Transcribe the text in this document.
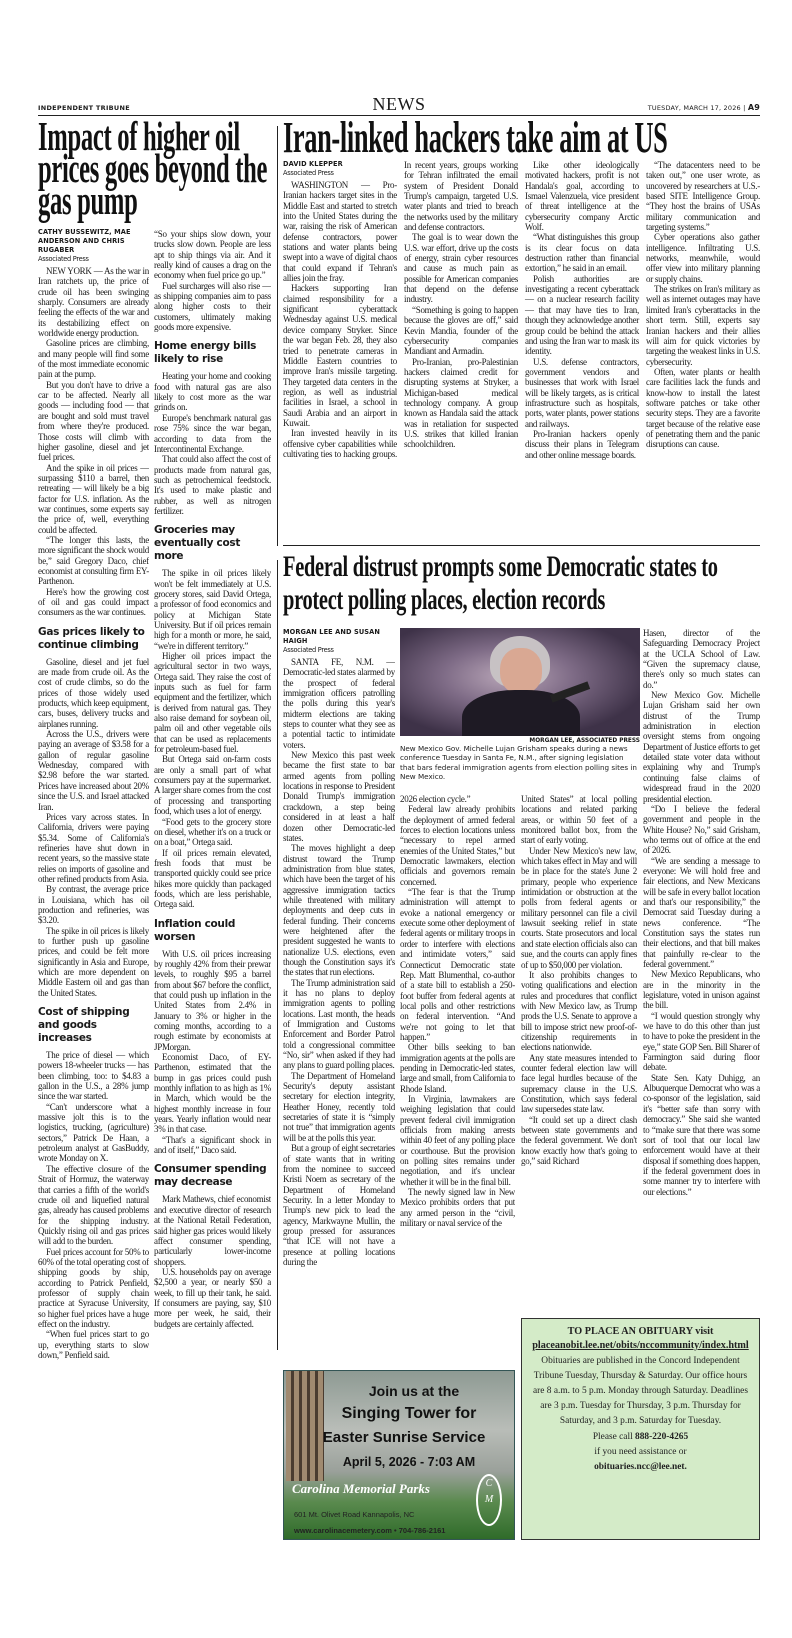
INDEPENDENT TRIBUNE	NEWS	TUESDAY, MARCH 17, 2026 | A9
Impact of higher oil prices goes beyond the gas pump
CATHY BUSSEWITZ, MAE ANDERSON AND CHRIS RUGABER
Associated Press

NEW YORK — As the war in Iran ratchets up, the price of crude oil has been swinging sharply. Consumers are already feeling the effects of the war and its destabilizing effect on worldwide energy production.

Gasoline prices are climbing, and many people will find some of the most immediate economic pain at the pump.

But you don't have to drive a car to be affected. Nearly all goods — including food — that are bought and sold must travel from where they're produced. Those costs will climb with higher gasoline, diesel and jet fuel prices.

And the spike in oil prices — surpassing $110 a barrel, then retreating — will likely be a big factor for U.S. inflation. As the war continues, some experts say the price of, well, everything could be affected.

“The longer this lasts, the more significant the shock would be,” said Gregory Daco, chief economist at consulting firm EY-Parthenon.

Here's how the growing cost of oil and gas could impact consumers as the war continues.

Gas prices likely to continue climbing

Gasoline, diesel and jet fuel are made from crude oil. As the cost of crude climbs, so do the prices of those widely used products, which keep equipment, cars, buses, delivery trucks and airplanes running.

Across the U.S., drivers were paying an average of $3.58 for a gallon of regular gasoline Wednesday, compared with $2.98 before the war started. Prices have increased about 20% since the U.S. and Israel attacked Iran.

Prices vary across states. In California, drivers were paying $5.34. Some of California's refineries have shut down in recent years, so the massive state relies on imports of gasoline and other refined products from Asia.

By contrast, the average price in Louisiana, which has oil production and refineries, was $3.20.

The spike in oil prices is likely to further push up gasoline prices, and could be felt more significantly in Asia and Europe, which are more dependent on Middle Eastern oil and gas than the United States.

Cost of shipping and goods increases

The price of diesel — which powers 18-wheeler trucks — has been climbing, too: to $4.83 a gallon in the U.S., a 28% jump since the war started.

“Can't underscore what a massive jolt this is to the logistics, trucking, (agriculture) sectors,” Patrick De Haan, a petroleum analyst at GasBuddy, wrote Monday on X.

The effective closure of the Strait of Hormuz, the waterway that carries a fifth of the world's crude oil and liquefied natural gas, already has caused problems for the shipping industry. Quickly rising oil and gas prices will add to the burden.

Fuel prices account for 50% to 60% of the total operating cost of shipping goods by ship, according to Patrick Penfield, professor of supply chain practice at Syracuse University, so higher fuel prices have a huge effect on the industry.

“When fuel prices start to go up, everything starts to slow down,” Penfield said.

“So your ships slow down, your trucks slow down. People are less apt to ship things via air. And it really kind of causes a drag on the economy when fuel price go up.”

Fuel surcharges will also rise — as shipping companies aim to pass along higher costs to their customers, ultimately making goods more expensive.

Home energy bills likely to rise

Heating your home and cooking food with natural gas are also likely to cost more as the war grinds on.

Europe's benchmark natural gas rose 75% since the war began, according to data from the Intercontinental Exchange.

That could also affect the cost of products made from natural gas, such as petrochemical feedstock. It's used to make plastic and rubber, as well as nitrogen fertilizer.

Groceries may eventually cost more

The spike in oil prices likely won't be felt immediately at U.S. grocery stores, said David Ortega, a professor of food economics and policy at Michigan State University. But if oil prices remain high for a month or more, he said, “we're in different territory.”

Higher oil prices impact the agricultural sector in two ways, Ortega said. They raise the cost of inputs such as fuel for farm equipment and the fertilizer, which is derived from natural gas. They also raise demand for soybean oil, palm oil and other vegetable oils that can be used as replacements for petroleum-based fuel.

But Ortega said on-farm costs are only a small part of what consumers pay at the supermarket. A larger share comes from the cost of processing and transporting food, which uses a lot of energy.

“Food gets to the grocery store on diesel, whether it's on a truck or on a boat,” Ortega said.

If oil prices remain elevated, fresh foods that must be transported quickly could see price hikes more quickly than packaged foods, which are less perishable, Ortega said.

Inflation could worsen

With U.S. oil prices increasing by roughly 42% from their prewar levels, to roughly $95 a barrel from about $67 before the conflict, that could push up inflation in the United States from 2.4% in January to 3% or higher in the coming months, according to a rough estimate by economists at JPMorgan.

Economist Daco, of EY-Parthenon, estimated that the bump in gas prices could push monthly inflation to as high as 1% in March, which would be the highest monthly increase in four years. Yearly inflation would near 3% in that case.

“That's a significant shock in and of itself,” Daco said.

Consumer spending may decrease

Mark Mathews, chief economist and executive director of research at the National Retail Federation, said higher gas prices would likely affect consumer spending, particularly lower-income shoppers.

U.S. households pay on average $2,500 a year, or nearly $50 a week, to fill up their tank, he said. If consumers are paying, say, $10 more per week, he said, their budgets are certainly affected.

Iran-linked hackers take aim at US
DAVID KLEPPER
Associated Press

WASHINGTON — Pro-Iranian hackers target sites in the Middle East and started to stretch into the United States during the war, raising the risk of American defense contractors, power stations and water plants being swept into a wave of digital chaos that could expand if Tehran's allies join the fray.

Hackers supporting Iran claimed responsibility for a significant cyberattack Wednesday against U.S. medical device company Stryker. Since the war began Feb. 28, they also tried to penetrate cameras in Middle Eastern countries to improve Iran's missile targeting. They targeted data centers in the region, as well as industrial facilities in Israel, a school in Saudi Arabia and an airport in Kuwait.

Iran invested heavily in its offensive cyber capabilities while cultivating ties to hacking groups. In recent years, groups working for Tehran infiltrated the email system of President Donald Trump's campaign, targeted U.S. water plants and tried to breach the networks used by the military and defense contractors.

The goal is to wear down the U.S. war effort, drive up the costs of energy, strain cyber resources and cause as much pain as possible for American companies that depend on the defense industry.

“Something is going to happen because the gloves are off,” said Kevin Mandia, founder of the cybersecurity companies Mandiant and Armadin.

Pro-Iranian, pro-Palestinian hackers claimed credit for disrupting systems at Stryker, a Michigan-based medical technology company. A group known as Handala said the attack was in retaliation for suspected U.S. strikes that killed Iranian schoolchildren.

Like other ideologically motivated hackers, profit is not Handala's goal, according to Ismael Valenzuela, vice president of threat intelligence at the cybersecurity company Arctic Wolf.

“What distinguishes this group is its clear focus on data destruction rather than financial extortion,” he said in an email.

Polish authorities are investigating a recent cyberattack — on a nuclear research facility — that may have ties to Iran, though they acknowledge another group could be behind the attack and using the Iran war to mask its identity.

U.S. defense contractors, government vendors and businesses that work with Israel will be likely targets, as is critical infrastructure such as hospitals, ports, water plants, power stations and railways.

Pro-Iranian hackers openly discuss their plans in Telegram and other online message boards.

“The datacenters need to be taken out,” one user wrote, as uncovered by researchers at U.S.-based SITE Intelligence Group. “They host the brains of USAs military communication and targeting systems.”

Cyber operations also gather intelligence. Infiltrating U.S. networks, meanwhile, would offer view into military planning or supply chains.

The strikes on Iran's military as well as internet outages may have limited Iran's cyberattacks in the short term. Still, experts say Iranian hackers and their allies will aim for quick victories by targeting the weakest links in U.S. cybersecurity.

Often, water plants or health care facilities lack the funds and know-how to install the latest software patches or take other security steps. They are a favorite target because of the relative ease of penetrating them and the panic disruptions can cause.

Federal distrust prompts some Democratic states to protect polling places, election records
MORGAN LEE AND SUSAN HAIGH
Associated Press

SANTA FE, N.M. — Democratic-led states alarmed by the prospect of federal immigration officers patrolling the polls during this year's midterm elections are taking steps to counter what they see as a potential tactic to intimidate voters.

New Mexico this past week became the first state to bar armed agents from polling locations in response to President Donald Trump's immigration crackdown, a step being considered in at least a half dozen other Democratic-led states.

The moves highlight a deep distrust toward the Trump administration from blue states, which have been the target of his aggressive immigration tactics while threatened with military deployments and deep cuts in federal funding. Their concerns were heightened after the president suggested he wants to nationalize U.S. elections, even though the Constitution says it's the states that run elections.

The Trump administration said it has no plans to deploy immigration agents to polling locations. Last month, the heads of Immigration and Customs Enforcement and Border Patrol told a congressional committee “No, sir” when asked if they had any plans to guard polling places.

The Department of Homeland Security's deputy assistant secretary for election integrity, Heather Honey, recently told secretaries of state it is “simply not true” that immigration agents will be at the polls this year.

But a group of eight secretaries of state wants that in writing from the nominee to succeed Kristi Noem as secretary of the Department of Homeland Security. In a letter Monday to Trump's new pick to lead the agency, Markwayne Mullin, the group pressed for assurances “that ICE will not have a presence at polling locations during the

MORGAN LEE, ASSOCIATED PRESS
New Mexico Gov. Michelle Lujan Grisham speaks during a news conference Tuesday in Santa Fe, N.M., after signing legislation that bars federal immigration agents from election polling sites in New Mexico.

2026 election cycle.”

Federal law already prohibits the deployment of armed federal forces to election locations unless “necessary to repel armed enemies of the United States,” but Democratic lawmakers, election officials and governors remain concerned.

“The fear is that the Trump administration will attempt to evoke a national emergency or execute some other deployment of federal agents or military troops in order to interfere with elections and intimidate voters,” said Connecticut Democratic state Rep. Matt Blumenthal, co-author of a state bill to establish a 250-foot buffer from federal agents at local polls and other restrictions on federal intervention. “And we're not going to let that happen.”

Other bills seeking to ban immigration agents at the polls are pending in Democratic-led states, large and small, from California to Rhode Island.

In Virginia, lawmakers are weighing legislation that could prevent federal civil immigration officials from making arrests within 40 feet of any polling place or courthouse. But the provision on polling sites remains under negotiation, and it's unclear whether it will be in the final bill.

The newly signed law in New Mexico prohibits orders that put any armed person in the “civil, military or naval service of the

United States” at local polling locations and related parking areas, or within 50 feet of a monitored ballot box, from the start of early voting.

Under New Mexico's new law, which takes effect in May and will be in place for the state's June 2 primary, people who experience intimidation or obstruction at the polls from federal agents or military personnel can file a civil lawsuit seeking relief in state courts. State prosecutors and local and state election officials also can sue, and the courts can apply fines of up to $50,000 per violation.

It also prohibits changes to voting qualifications and election rules and procedures that conflict with New Mexico law, as Trump prods the U.S. Senate to approve a bill to impose strict new proof-of-citizenship requirements in elections nationwide.

Any state measures intended to counter federal election law will face legal hurdles because of the supremacy clause in the U.S. Constitution, which says federal law supersedes state law.

“It could set up a direct clash between state governments and the federal government. We don't know exactly how that's going to go,” said Richard

Hasen, director of the Safeguarding Democracy Project at the UCLA School of Law. “Given the supremacy clause, there's only so much states can do.”

New Mexico Gov. Michelle Lujan Grisham said her own distrust of the Trump administration in election oversight stems from ongoing Department of Justice efforts to get detailed state voter data without explaining why and Trump's continuing false claims of widespread fraud in the 2020 presidential election.

“Do I believe the federal government and people in the White House? No,” said Grisham, who terms out of office at the end of 2026.

“We are sending a message to everyone: We will hold free and fair elections, and New Mexicans will be safe in every ballot location and that's our responsibility,” the Democrat said Tuesday during a news conference. “The Constitution says the states run their elections, and that bill makes that painfully re-clear to the federal government.”

New Mexico Republicans, who are in the minority in the legislature, voted in unison against the bill.

“I would question strongly why we have to do this other than just to have to poke the president in the eye,” state GOP Sen. Bill Sharer of Farmington said during floor debate.

State Sen. Katy Duhigg, an Albuquerque Democrat who was a co-sponsor of the legislation, said it's “better safe than sorry with democracy.” She said she wanted to “make sure that there was some sort of tool that our local law enforcement would have at their disposal if something does happen, if the federal government does in some manner try to interfere with our elections.”

Join us at the
Singing Tower for
Easter Sunrise Service
April 5, 2026 - 7:03 AM
Carolina Memorial Parks	C
M

601 Mt. Olivet Road Kannapolis, NC
www.carolinacemetery.com • 704-786-2161
TO PLACE AN OBITUARY visit
placeanobit.lee.net/obits/nccommunity/index.html
Obituaries are published in the Concord Independent Tribune Tuesday, Thursday & Saturday. Our office hours are 8 a.m. to 5 p.m. Monday through Saturday. Deadlines are 3 p.m. Tuesday for Thursday, 3 p.m. Thursday for Saturday, and 3 p.m. Saturday for Tuesday.
Please call 888-220-4265
if you need assistance or
obituaries.ncc@lee.net.
